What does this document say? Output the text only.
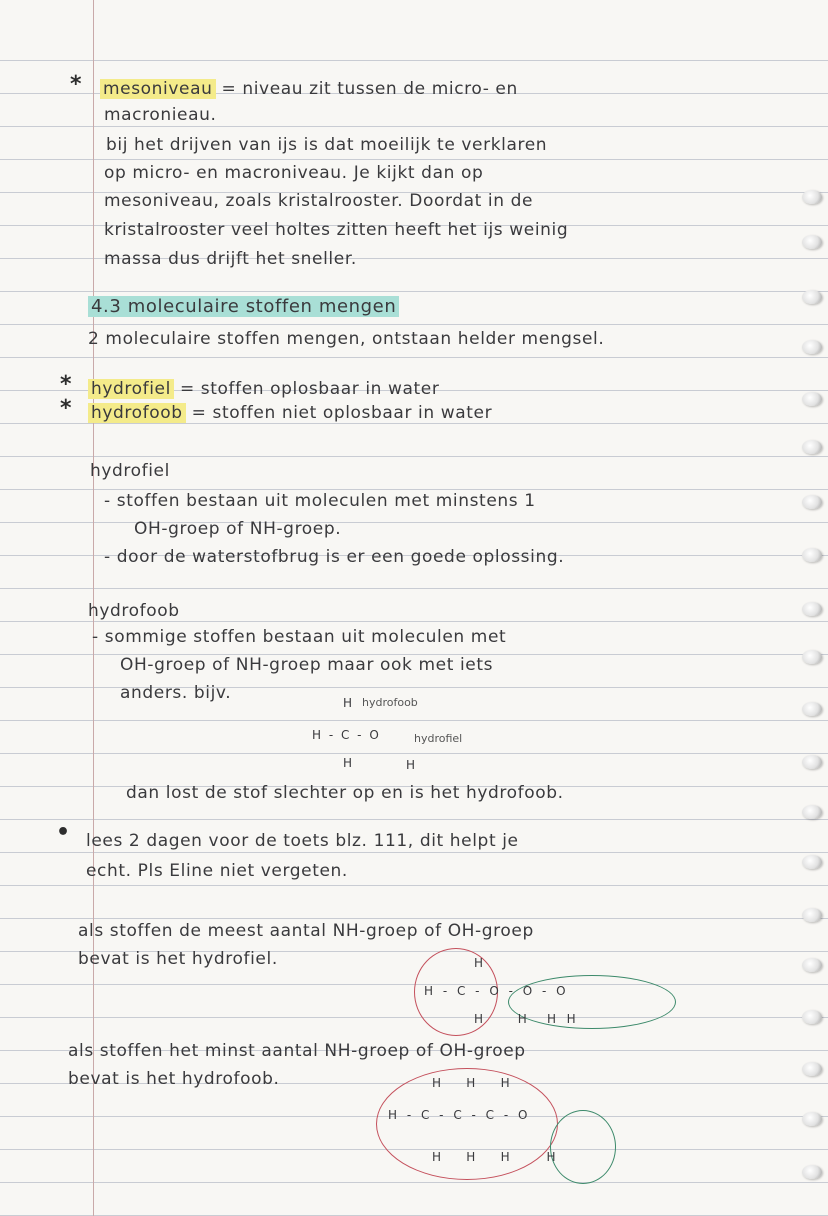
* mesoniveau = niveau zit tussen de micro- en
macronieau.
bij het drijven van ijs is dat moeilijk te verklaren
op micro- en macroniveau. Je kijkt dan op
mesoniveau, zoals kristalrooster. Doordat in de
kristalrooster veel holtes zitten heeft het ijs weinig
massa dus drijft het sneller.
4.3 moleculaire stoffen mengen
2 moleculaire stoffen mengen, ontstaan helder mengsel.
* hydrofiel = stoffen oplosbaar in water
* hydrofoob = stoffen niet oplosbaar in water
hydrofiel
- stoffen bestaan uit moleculen met minstens 1
OH-groep of NH-groep.
- door de waterstofbrug is er een goede oplossing.
hydrofoob
- sommige stoffen bestaan uit moleculen met
OH-groep of NH-groep maar ook met iets
anders. bijv.	H hydrofoob
H - C - O	hydrofiel
H	H
dan lost de stof slechter op en is het hydrofoob.
• lees 2 dagen voor de toets blz. 111, dit helpt je
echt. Pls Eline niet vergeten.
als stoffen de meest aantal NH-groep of OH-groep
bevat is het hydrofiel.	H
H - C - O - O - O
H       H    H  H
als stoffen het minst aantal NH-groep of OH-groep
bevat is het hydrofoob.	H    H    H
H - C - C - C - O
H    H    H      H
